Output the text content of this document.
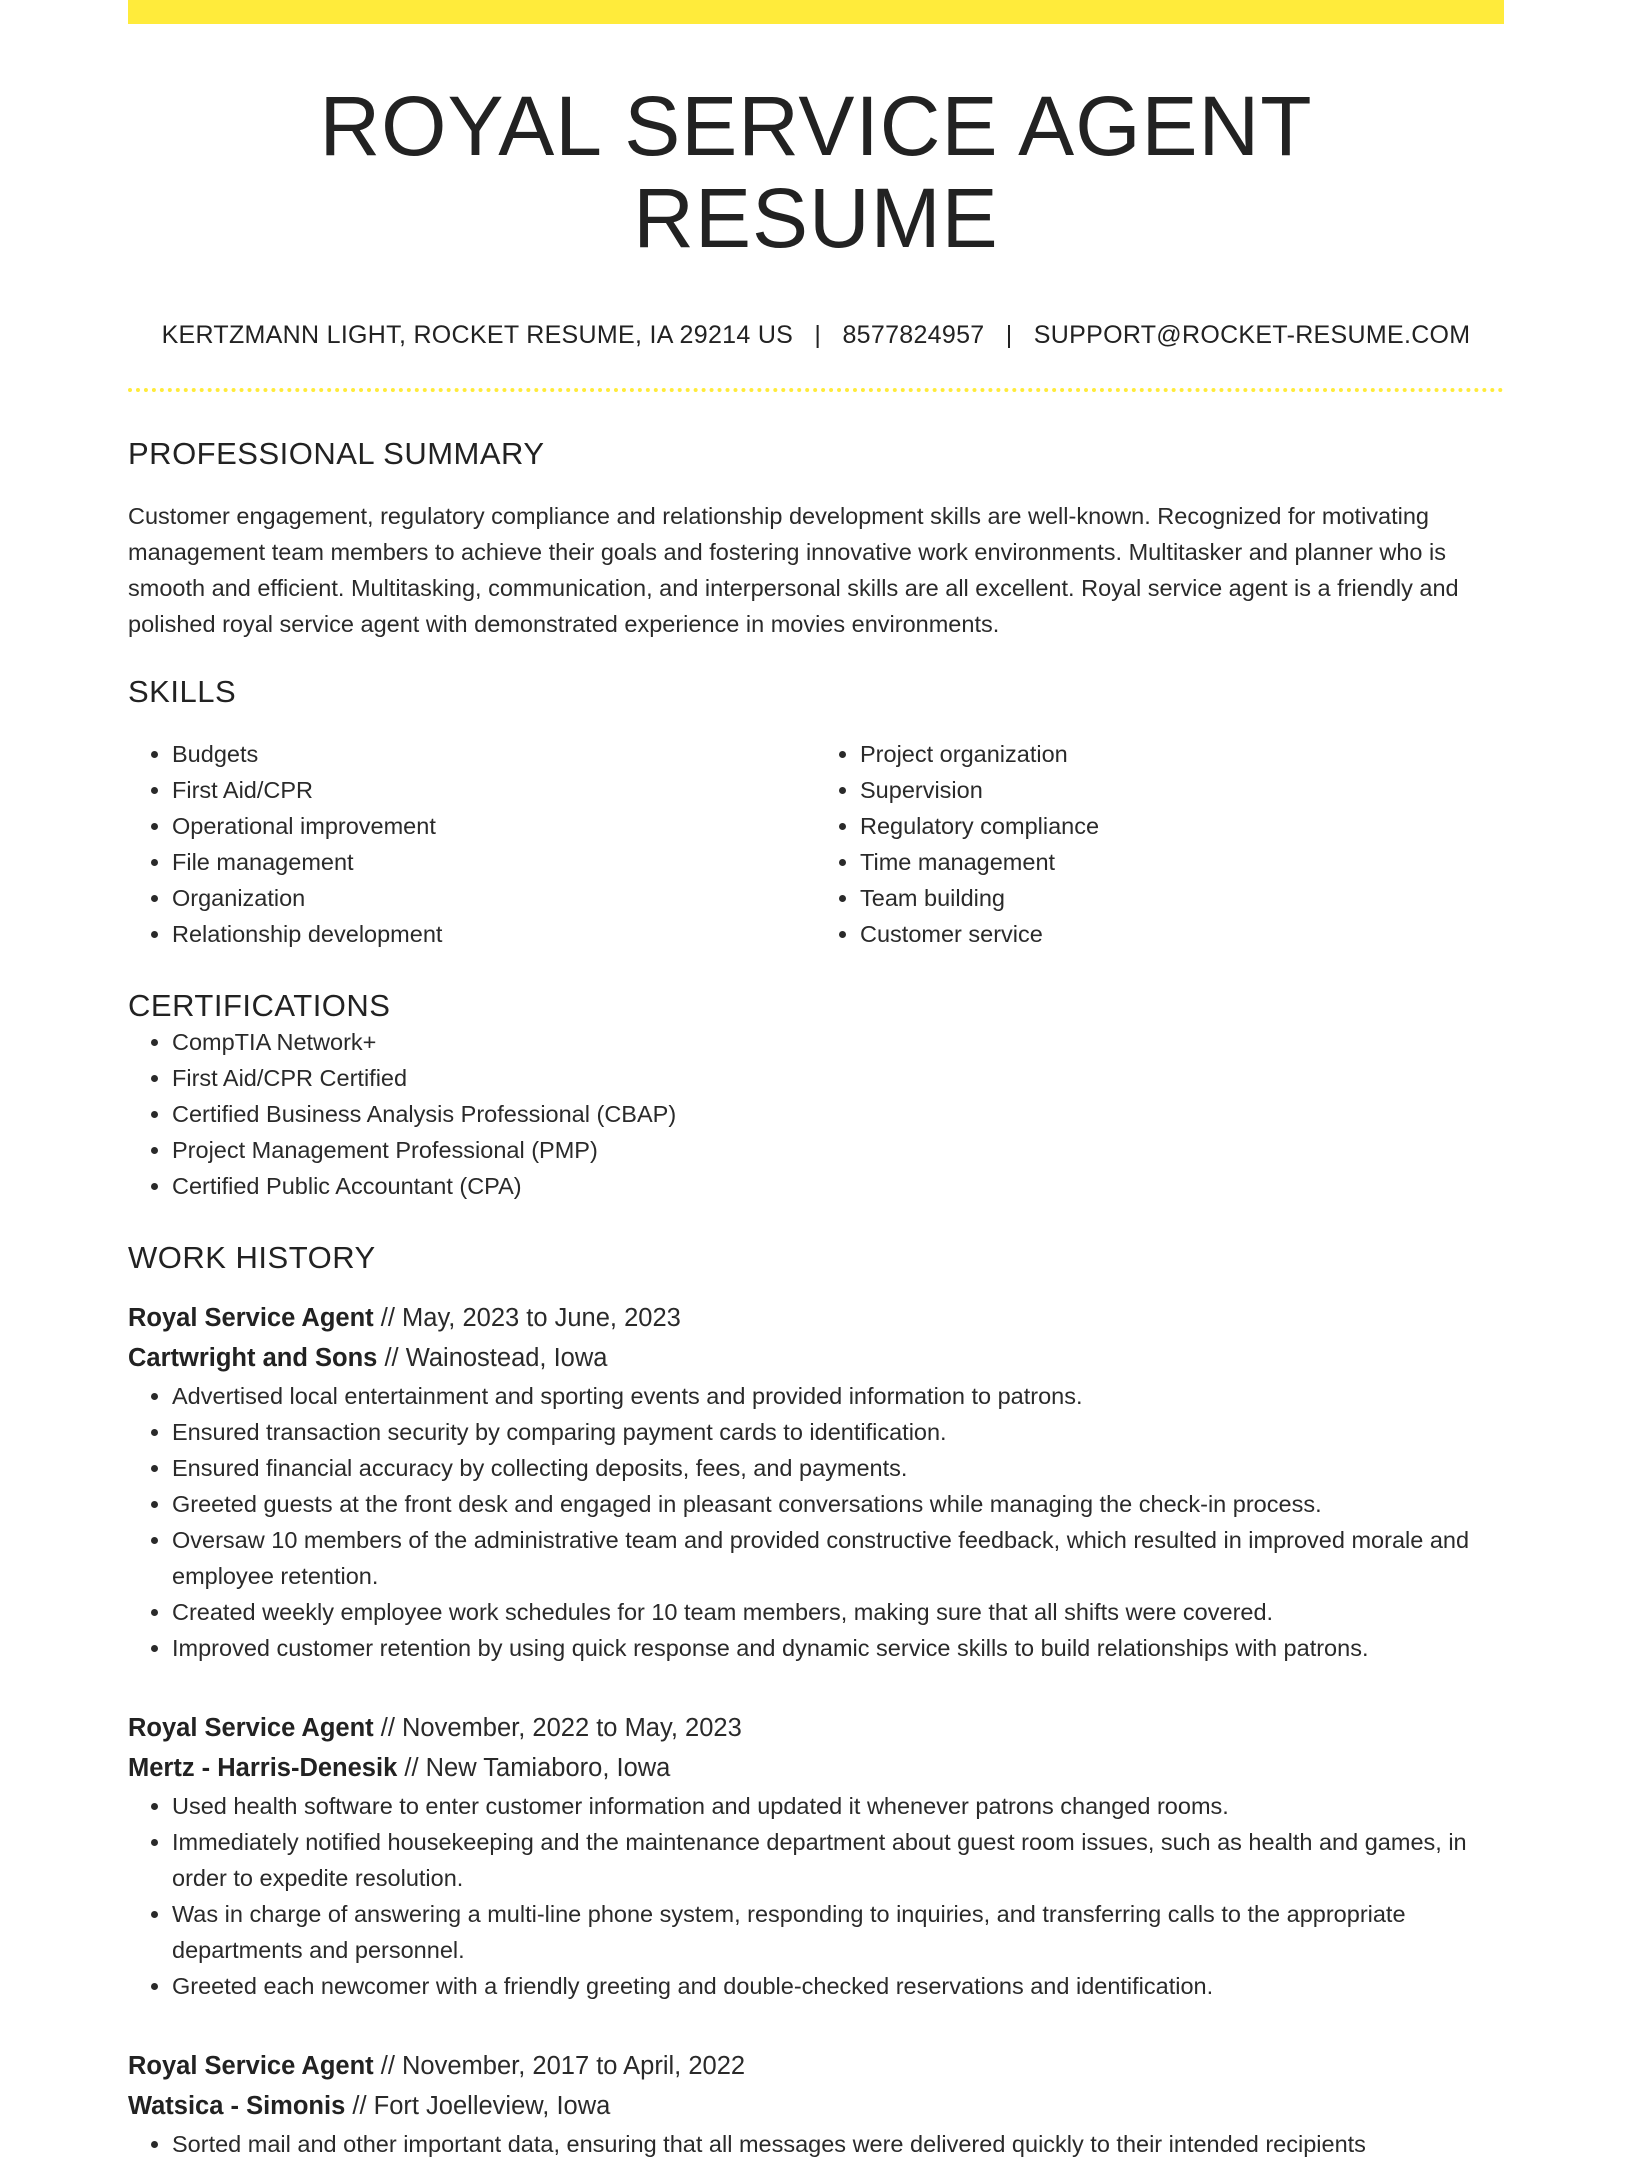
ROYAL SERVICE AGENT RESUME
KERTZMANN LIGHT, ROCKET RESUME, IA 29214 US | 8577824957 | SUPPORT@ROCKET-RESUME.COM
PROFESSIONAL SUMMARY

Customer engagement, regulatory compliance and relationship development skills are well-known. Recognized for motivating management team members to achieve their goals and fostering innovative work environments. Multitasker and planner who is smooth and efficient. Multitasking, communication, and interpersonal skills are all excellent. Royal service agent is a friendly and polished royal service agent with demonstrated experience in movies environments.

SKILLS
• Budgets
• First Aid/CPR
• Operational improvement
• File management
• Organization
• Relationship development
• Project organization
• Supervision
• Regulatory compliance
• Time management
• Team building
• Customer service
CERTIFICATIONS
• CompTIA Network+
• First Aid/CPR Certified
• Certified Business Analysis Professional (CBAP)
• Project Management Professional (PMP)
• Certified Public Accountant (CPA)
WORK HISTORY
Royal Service Agent // May, 2023 to June, 2023
Cartwright and Sons // Wainostead, Iowa
• Advertised local entertainment and sporting events and provided information to patrons.
• Ensured transaction security by comparing payment cards to identification.
• Ensured financial accuracy by collecting deposits, fees, and payments.
• Greeted guests at the front desk and engaged in pleasant conversations while managing the check-in process.
• Oversaw 10 members of the administrative team and provided constructive feedback, which resulted in improved morale and employee retention.
• Created weekly employee work schedules for 10 team members, making sure that all shifts were covered.
• Improved customer retention by using quick response and dynamic service skills to build relationships with patrons.
Royal Service Agent // November, 2022 to May, 2023
Mertz - Harris-Denesik // New Tamiaboro, Iowa
• Used health software to enter customer information and updated it whenever patrons changed rooms.
• Immediately notified housekeeping and the maintenance department about guest room issues, such as health and games, in order to expedite resolution.
• Was in charge of answering a multi-line phone system, responding to inquiries, and transferring calls to the appropriate departments and personnel.
• Greeted each newcomer with a friendly greeting and double-checked reservations and identification.
Royal Service Agent // November, 2017 to April, 2022
Watsica - Simonis // Fort Joelleview, Iowa
• Sorted mail and other important data, ensuring that all messages were delivered quickly to their intended recipients
